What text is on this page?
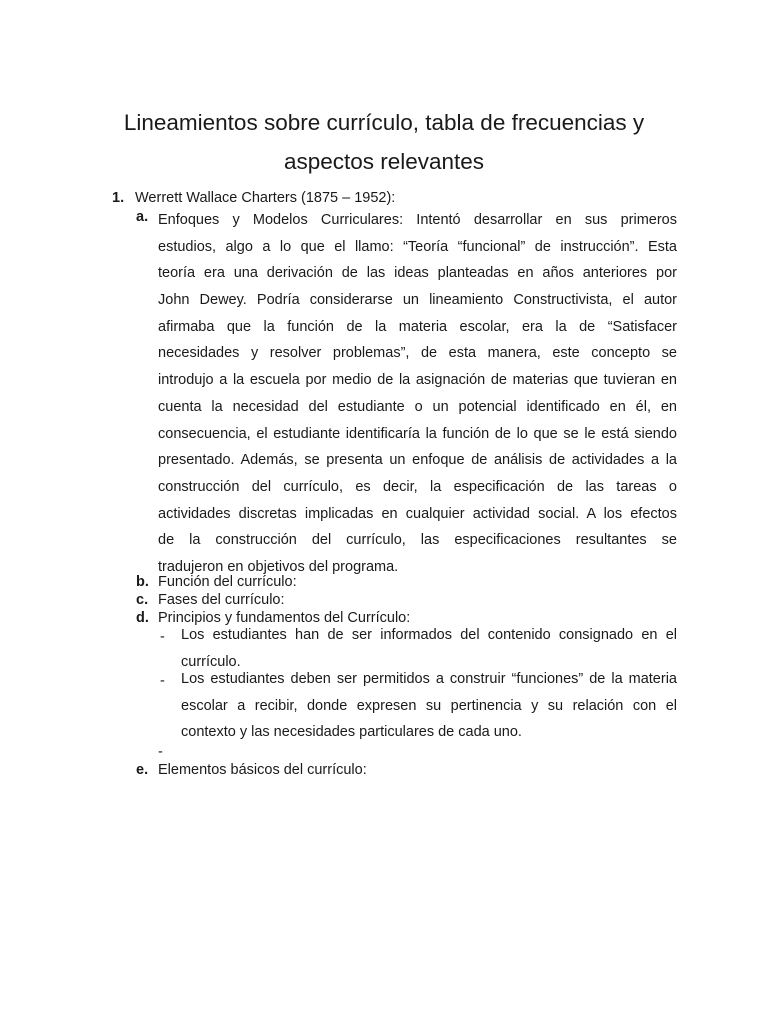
Lineamientos sobre currículo, tabla de frecuencias y
aspectos relevantes
1. Werrett Wallace Charters (1875 – 1952):
a. Enfoques y Modelos Curriculares: Intentó desarrollar en sus primeros
estudios, algo a lo que el llamo: “Teoría “funcional” de instrucción”. Esta
teoría era una derivación de las ideas planteadas en años anteriores por
John Dewey. Podría considerarse un lineamiento Constructivista, el autor
afirmaba que la función de la materia escolar, era la de “Satisfacer
necesidades y resolver problemas”, de esta manera, este concepto se
introdujo a la escuela por medio de la asignación de materias que tuvieran en
cuenta la necesidad del estudiante o un potencial identificado en él, en
consecuencia, el estudiante identificaría la función de lo que se le está siendo
presentado. Además, se presenta un enfoque de análisis de actividades a la
construcción del currículo, es decir, la especificación de las tareas o
actividades discretas implicadas en cualquier actividad social. A los efectos
de la construcción del currículo, las especificaciones resultantes se
tradujeron en objetivos del programa.
b. Función del currículo:
c. Fases del currículo:
d. Principios y fundamentos del Currículo:
- Los estudiantes han de ser informados del contenido consignado en el
currículo.
- Los estudiantes deben ser permitidos a construir “funciones” de la materia
escolar a recibir, donde expresen su pertinencia y su relación con el
contexto y las necesidades particulares de cada uno.
-
e. Elementos básicos del currículo:
